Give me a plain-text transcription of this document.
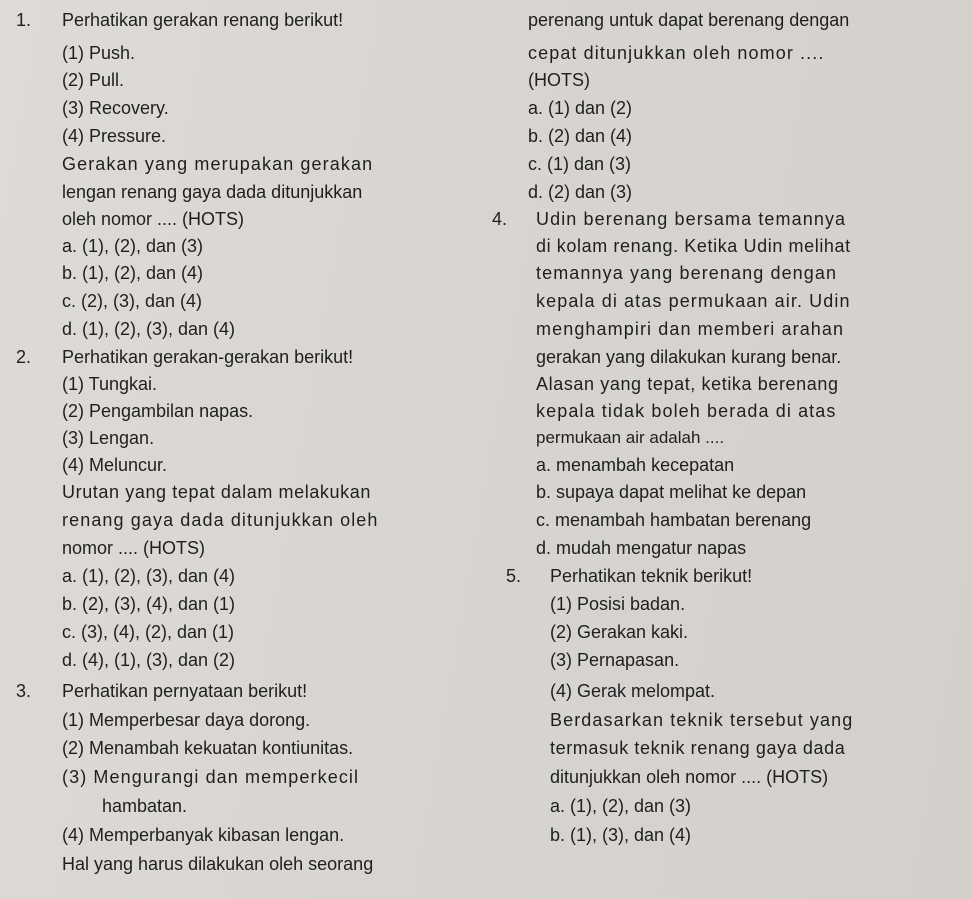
1. Perhatikan gerakan renang berikut!
(1) Push.
(2) Pull.
(3) Recovery.
(4) Pressure.
Gerakan yang merupakan gerakan
lengan renang gaya dada ditunjukkan
oleh nomor .... (HOTS)
a. (1), (2), dan (3)
b. (1), (2), dan (4)
c. (2), (3), dan (4)
d. (1), (2), (3), dan (4)
2. Perhatikan gerakan-gerakan berikut!
(1) Tungkai.
(2) Pengambilan napas.
(3) Lengan.
(4) Meluncur.
Urutan yang tepat dalam melakukan
renang gaya dada ditunjukkan oleh
nomor .... (HOTS)
a. (1), (2), (3), dan (4)
b. (2), (3), (4), dan (1)
c. (3), (4), (2), dan (1)
d. (4), (1), (3), dan (2)
3. Perhatikan pernyataan berikut!
(1) Memperbesar daya dorong.
(2) Menambah kekuatan kontiunitas.
(3) Mengurangi dan memperkecil
hambatan.
(4) Memperbanyak kibasan lengan.
Hal yang harus dilakukan oleh seorang
perenang untuk dapat berenang dengan
cepat ditunjukkan oleh nomor ....
(HOTS)
a. (1) dan (2)
b. (2) dan (4)
c. (1) dan (3)
d. (2) dan (3)
4. Udin berenang bersama temannya
di kolam renang. Ketika Udin melihat
temannya yang berenang dengan
kepala di atas permukaan air. Udin
menghampiri dan memberi arahan
gerakan yang dilakukan kurang benar.
Alasan yang tepat, ketika berenang
kepala tidak boleh berada di atas
permukaan air adalah ....
a. menambah kecepatan
b. supaya dapat melihat ke depan
c. menambah hambatan berenang
d. mudah mengatur napas
5. Perhatikan teknik berikut!
(1) Posisi badan.
(2) Gerakan kaki.
(3) Pernapasan.
(4) Gerak melompat.
Berdasarkan teknik tersebut yang
termasuk teknik renang gaya dada
ditunjukkan oleh nomor .... (HOTS)
a. (1), (2), dan (3)
b. (1), (3), dan (4)
